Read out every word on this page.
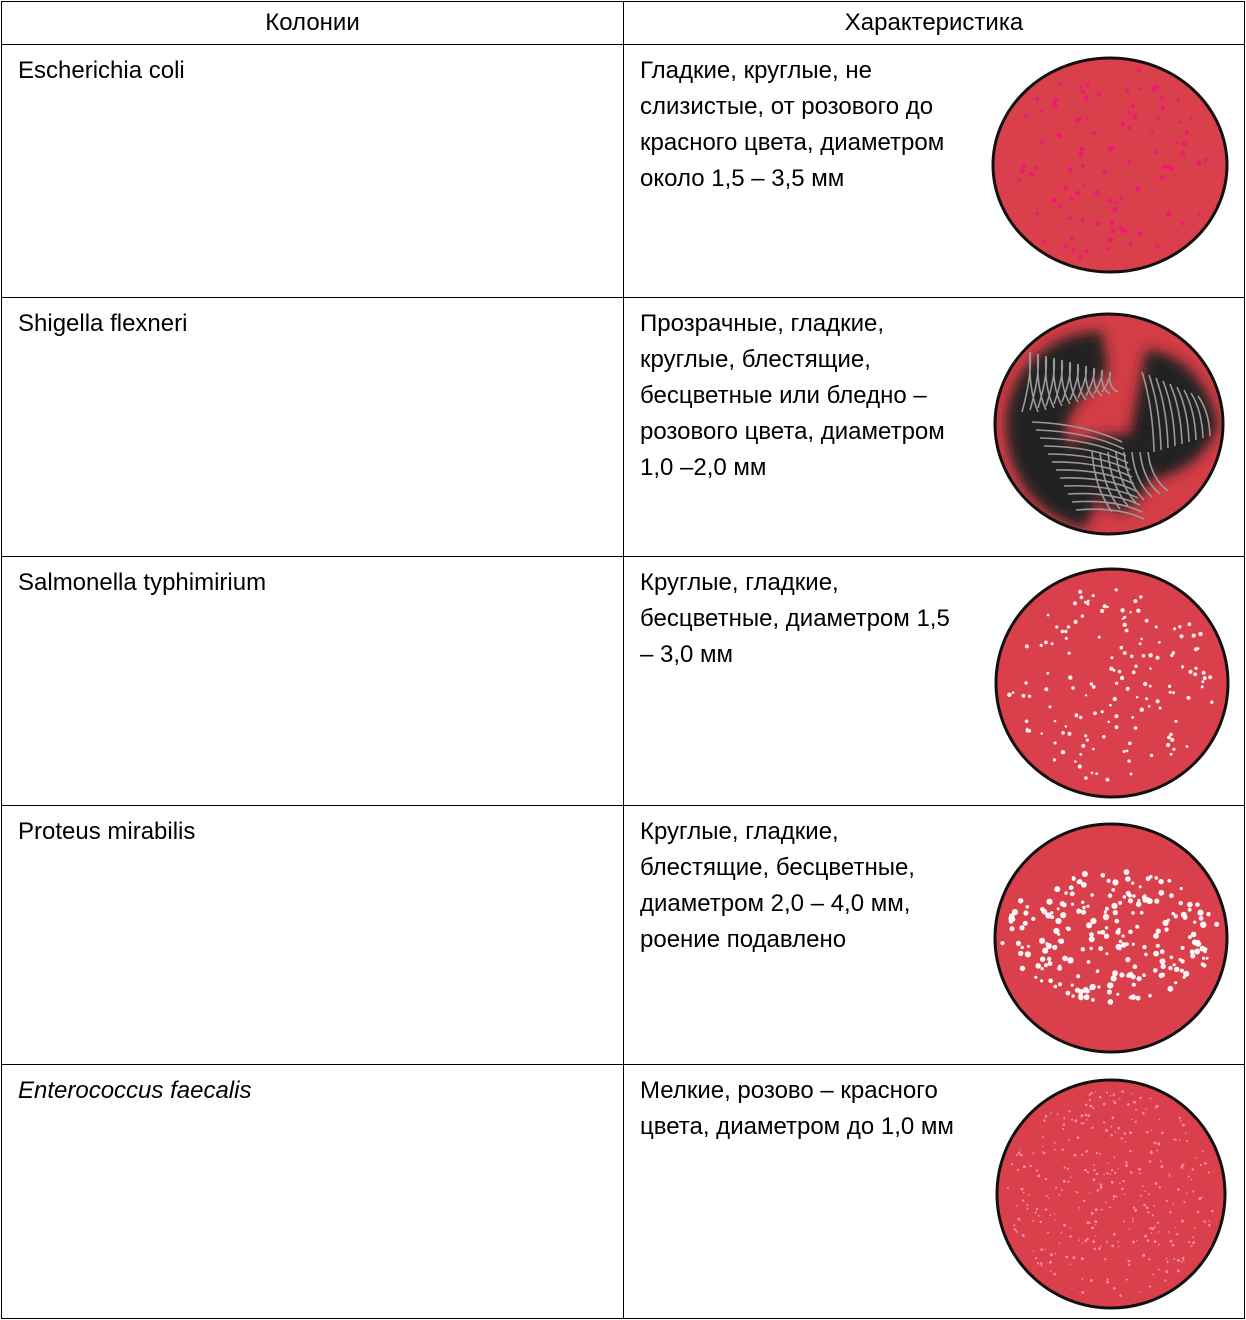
Колонии	Характеристика

Escherichia coli	Гладкие, круглые, не слизистые, от розового до красного цвета, диаметром около 1,5 – 3,5 мм

Shigella flexneri	Прозрачные, гладкие, круглые, блестящие, бесцветные или бледно – розового цвета, диаметром 1,0 –2,0 мм

Salmonella typhimirium	Круглые, гладкие, бесцветные, диаметром 1,5 – 3,0 мм

Proteus mirabilis	Круглые, гладкие, блестящие, бесцветные, диаметром 2,0 – 4,0 мм, роение подавлено

Enterococcus faecalis	Мелкие, розово – красного цвета, диаметром до 1,0 мм
